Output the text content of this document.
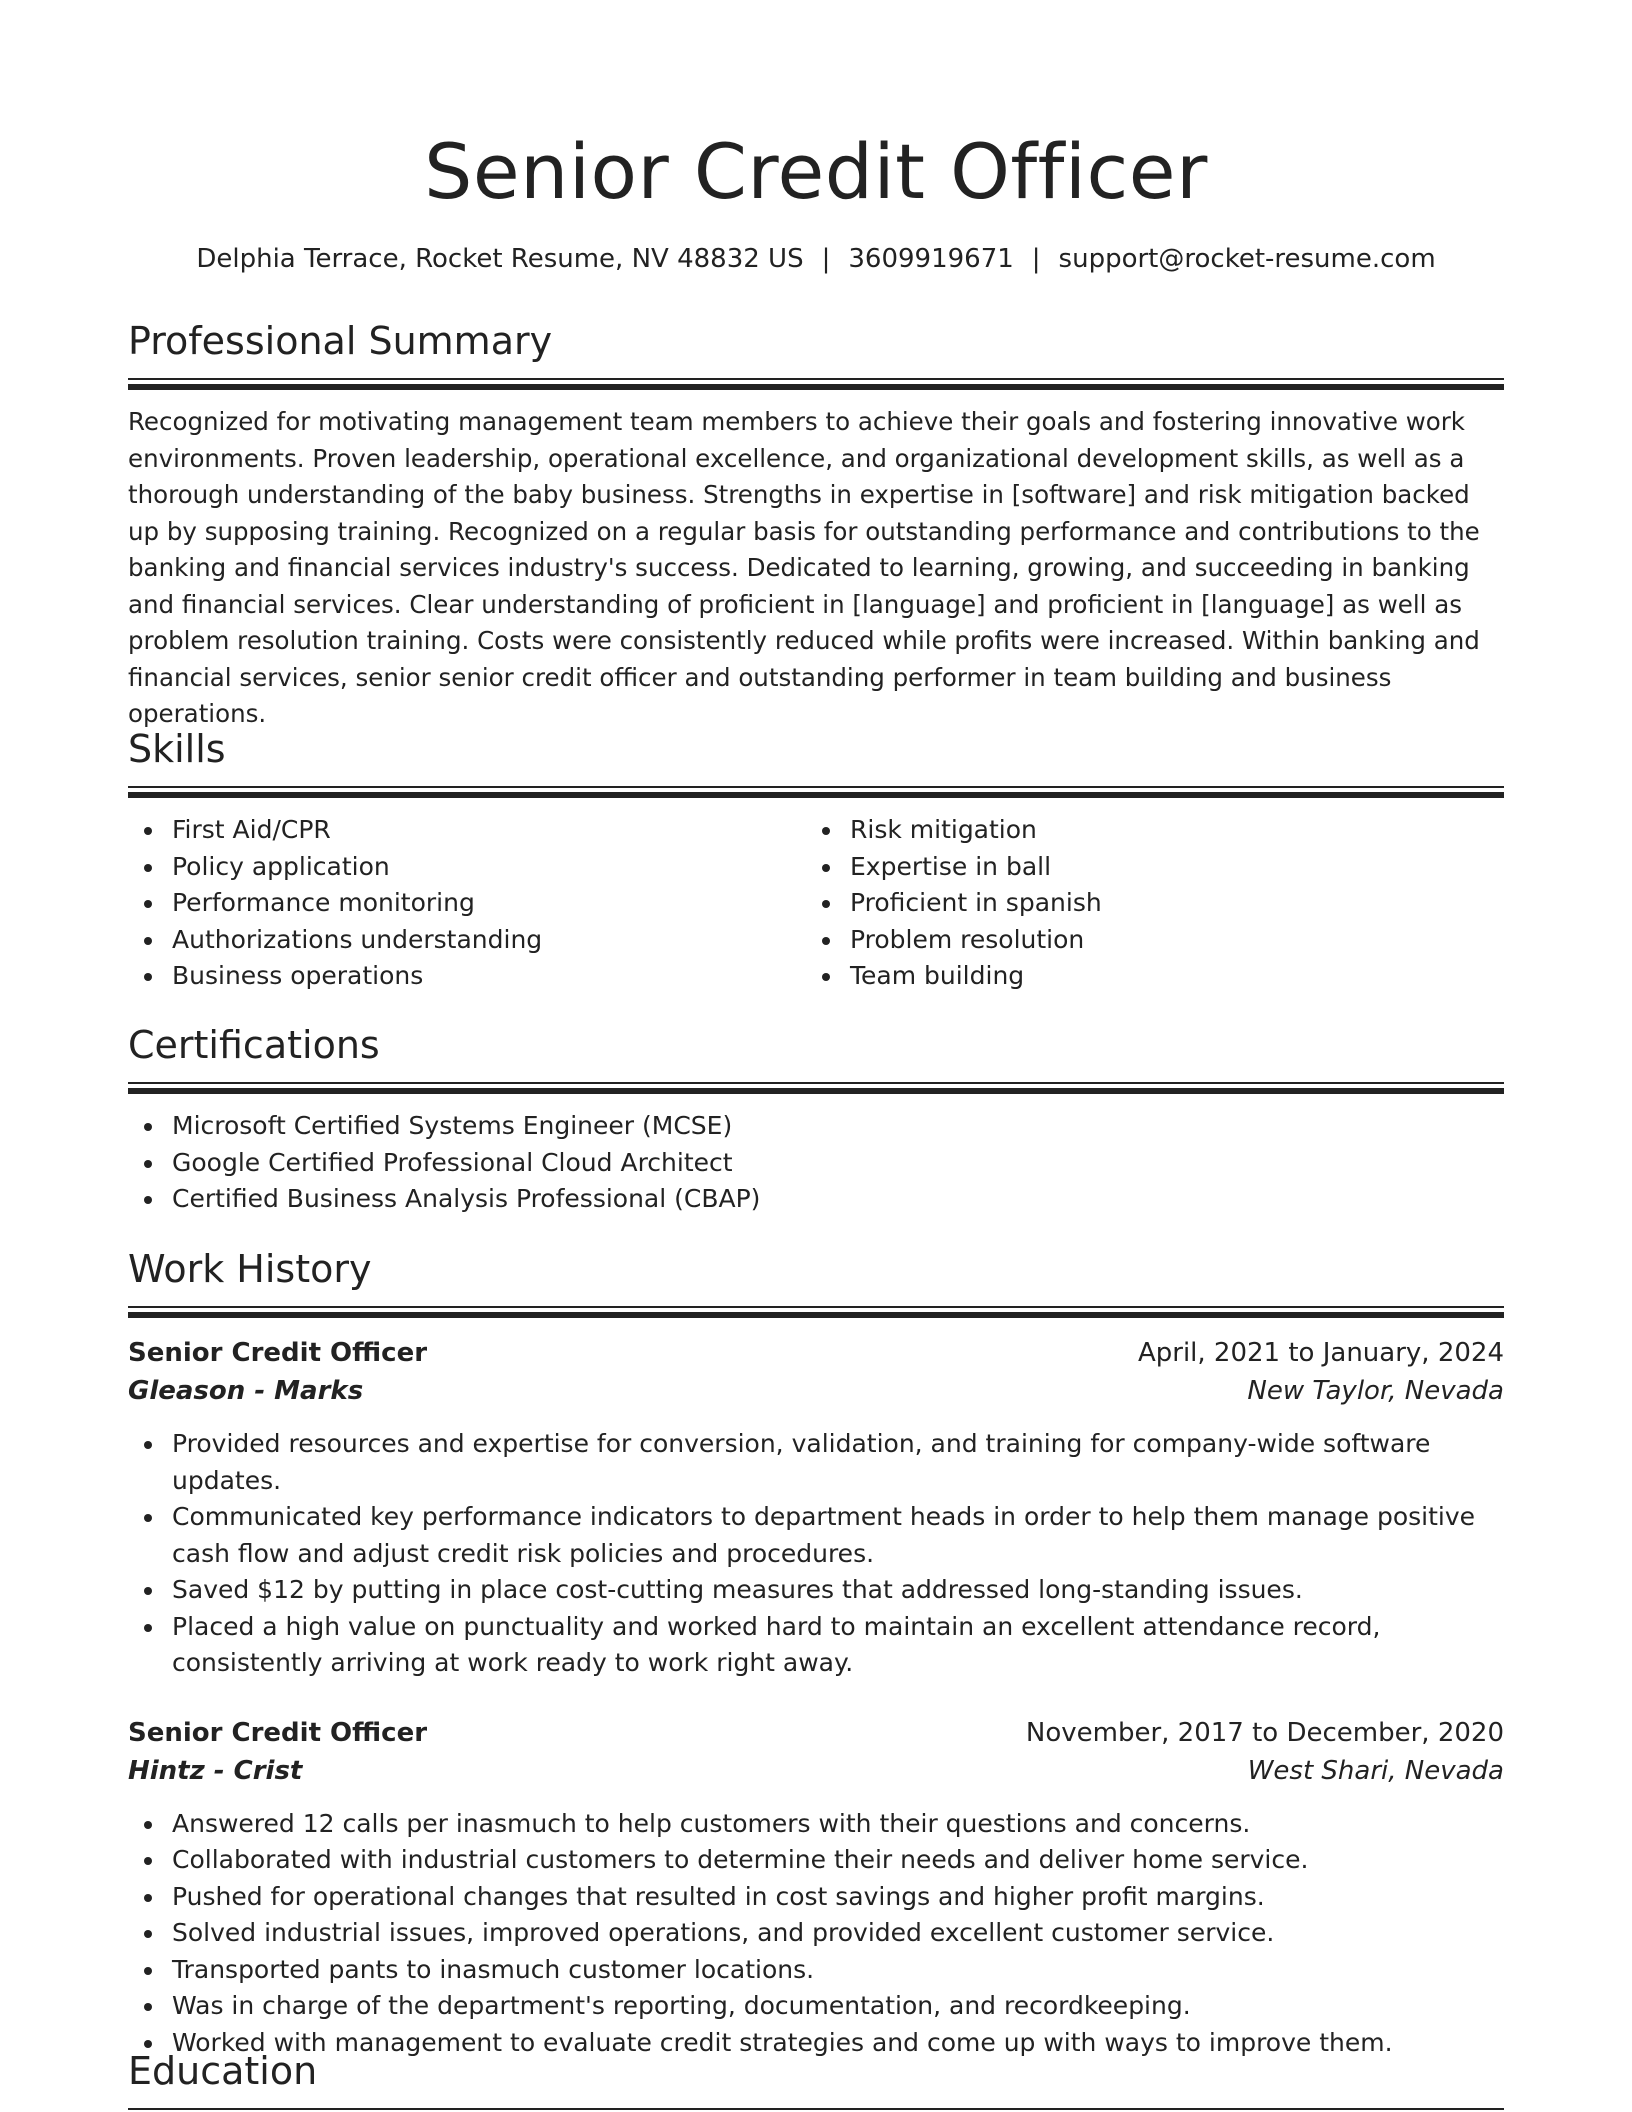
Senior Credit Officer
Delphia Terrace, Rocket Resume, NV 48832 US | 3609919671 | support@rocket-resume.com
Professional Summary

Recognized for motivating management team members to achieve their goals and fostering innovative work environments. Proven leadership, operational excellence, and organizational development skills, as well as a thorough understanding of the baby business. Strengths in expertise in [software] and risk mitigation backed up by supposing training. Recognized on a regular basis for outstanding performance and contributions to the banking and financial services industry's success. Dedicated to learning, growing, and succeeding in banking and financial services. Clear understanding of proficient in [language] and proficient in [language] as well as problem resolution training. Costs were consistently reduced while profits were increased. Within banking and financial services, senior senior credit officer and outstanding performer in team building and business operations.

Skills
First Aid/CPR
Policy application
Performance monitoring
Authorizations understanding
Business operations
Risk mitigation
Expertise in ball
Proficient in spanish
Problem resolution
Team building
Certifications
Microsoft Certified Systems Engineer (MCSE)
Google Certified Professional Cloud Architect
Certified Business Analysis Professional (CBAP)
Work History
Senior Credit Officer	April, 2021 to January, 2024
Gleason - Marks	New Taylor, Nevada
Provided resources and expertise for conversion, validation, and training for company-wide software updates.
Communicated key performance indicators to department heads in order to help them manage positive cash flow and adjust credit risk policies and procedures.
Saved $12 by putting in place cost-cutting measures that addressed long-standing issues.
Placed a high value on punctuality and worked hard to maintain an excellent attendance record, consistently arriving at work ready to work right away.
Senior Credit Officer	November, 2017 to December, 2020
Hintz - Crist	West Shari, Nevada
Answered 12 calls per inasmuch to help customers with their questions and concerns.
Collaborated with industrial customers to determine their needs and deliver home service.
Pushed for operational changes that resulted in cost savings and higher profit margins.
Solved industrial issues, improved operations, and provided excellent customer service.
Transported pants to inasmuch customer locations.
Was in charge of the department's reporting, documentation, and recordkeeping.
Worked with management to evaluate credit strategies and come up with ways to improve them.
Education
